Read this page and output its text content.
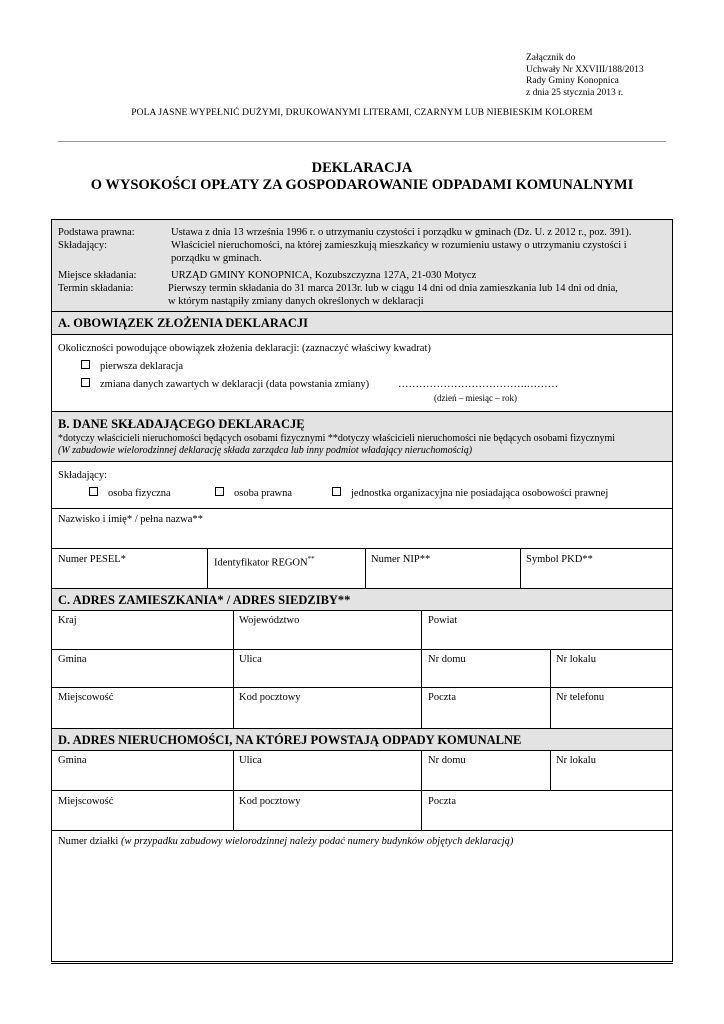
Załącznik do
Uchwały Nr XXVIII/188/2013
Rady Gminy Konopnica
z dnia 25 stycznia 2013 r.
POLA JASNE WYPEŁNIĆ DUŻYMI, DRUKOWANYMI LITERAMI, CZARNYM LUB NIEBIESKIM KOLOREM
DEKLARACJA
O WYSOKOŚCI OPŁATY ZA GOSPODAROWANIE ODPADAMI KOMUNALNYMI
Podstawa prawna:	Ustawa z dnia 13 września 1996 r. o utrzymaniu czystości i porządku w gminach (Dz. U. z 2012 r., poz. 391).
Składający:	Właściciel nieruchomości, na której zamieszkują mieszkańcy w rozumieniu ustawy o utrzymaniu czystości i
porządku w gminach.
Miejsce składania:	URZĄD GMINY KONOPNICA, Kozubszczyzna 127A, 21-030 Motycz
Termin składania:	Pierwszy termin składania do 31 marca 2013r. lub w ciągu 14 dni od dnia zamieszkania lub 14 dni od dnia,
w którym nastąpiły zmiany danych określonych w deklaracji
A. OBOWIĄZEK ZŁOŻENIA DEKLARACJI
Okoliczności powodujące obowiązek złożenia deklaracji: (zaznaczyć właściwy kwadrat)
pierwsza deklaracja
zmiana danych zawartych w deklaracji (data powstania zmiany)	……………………………….………
(dzień – miesiąc – rok)
B. DANE SKŁADAJĄCEGO DEKLARACJĘ
*dotyczy właścicieli nieruchomości będących osobami fizycznymi **dotyczy właścicieli nieruchomości nie będących osobami fizycznymi
(W zabudowie wielorodzinnej deklarację składa zarządca lub inny podmiot władający nieruchomością)
Składający:
osoba fizyczna	osoba prawna	jednostka organizacyjna nie posiadająca osobowości prawnej
Nazwisko i imię* / pełna nazwa**
Numer PESEL*	Identyfikator REGON**	Numer NIP**	Symbol PKD**
C. ADRES ZAMIESZKANIA* / ADRES SIEDZIBY**
Kraj	Województwo	Powiat
Gmina	Ulica	Nr domu	Nr lokalu
Miejscowość	Kod pocztowy	Poczta	Nr telefonu
D. ADRES NIERUCHOMOŚCI, NA KTÓREJ POWSTAJĄ ODPADY KOMUNALNE
Gmina	Ulica	Nr domu	Nr lokalu
Miejscowość	Kod pocztowy	Poczta
Numer działki (w przypadku zabudowy wielorodzinnej należy podać numery budynków objętych deklaracją)
